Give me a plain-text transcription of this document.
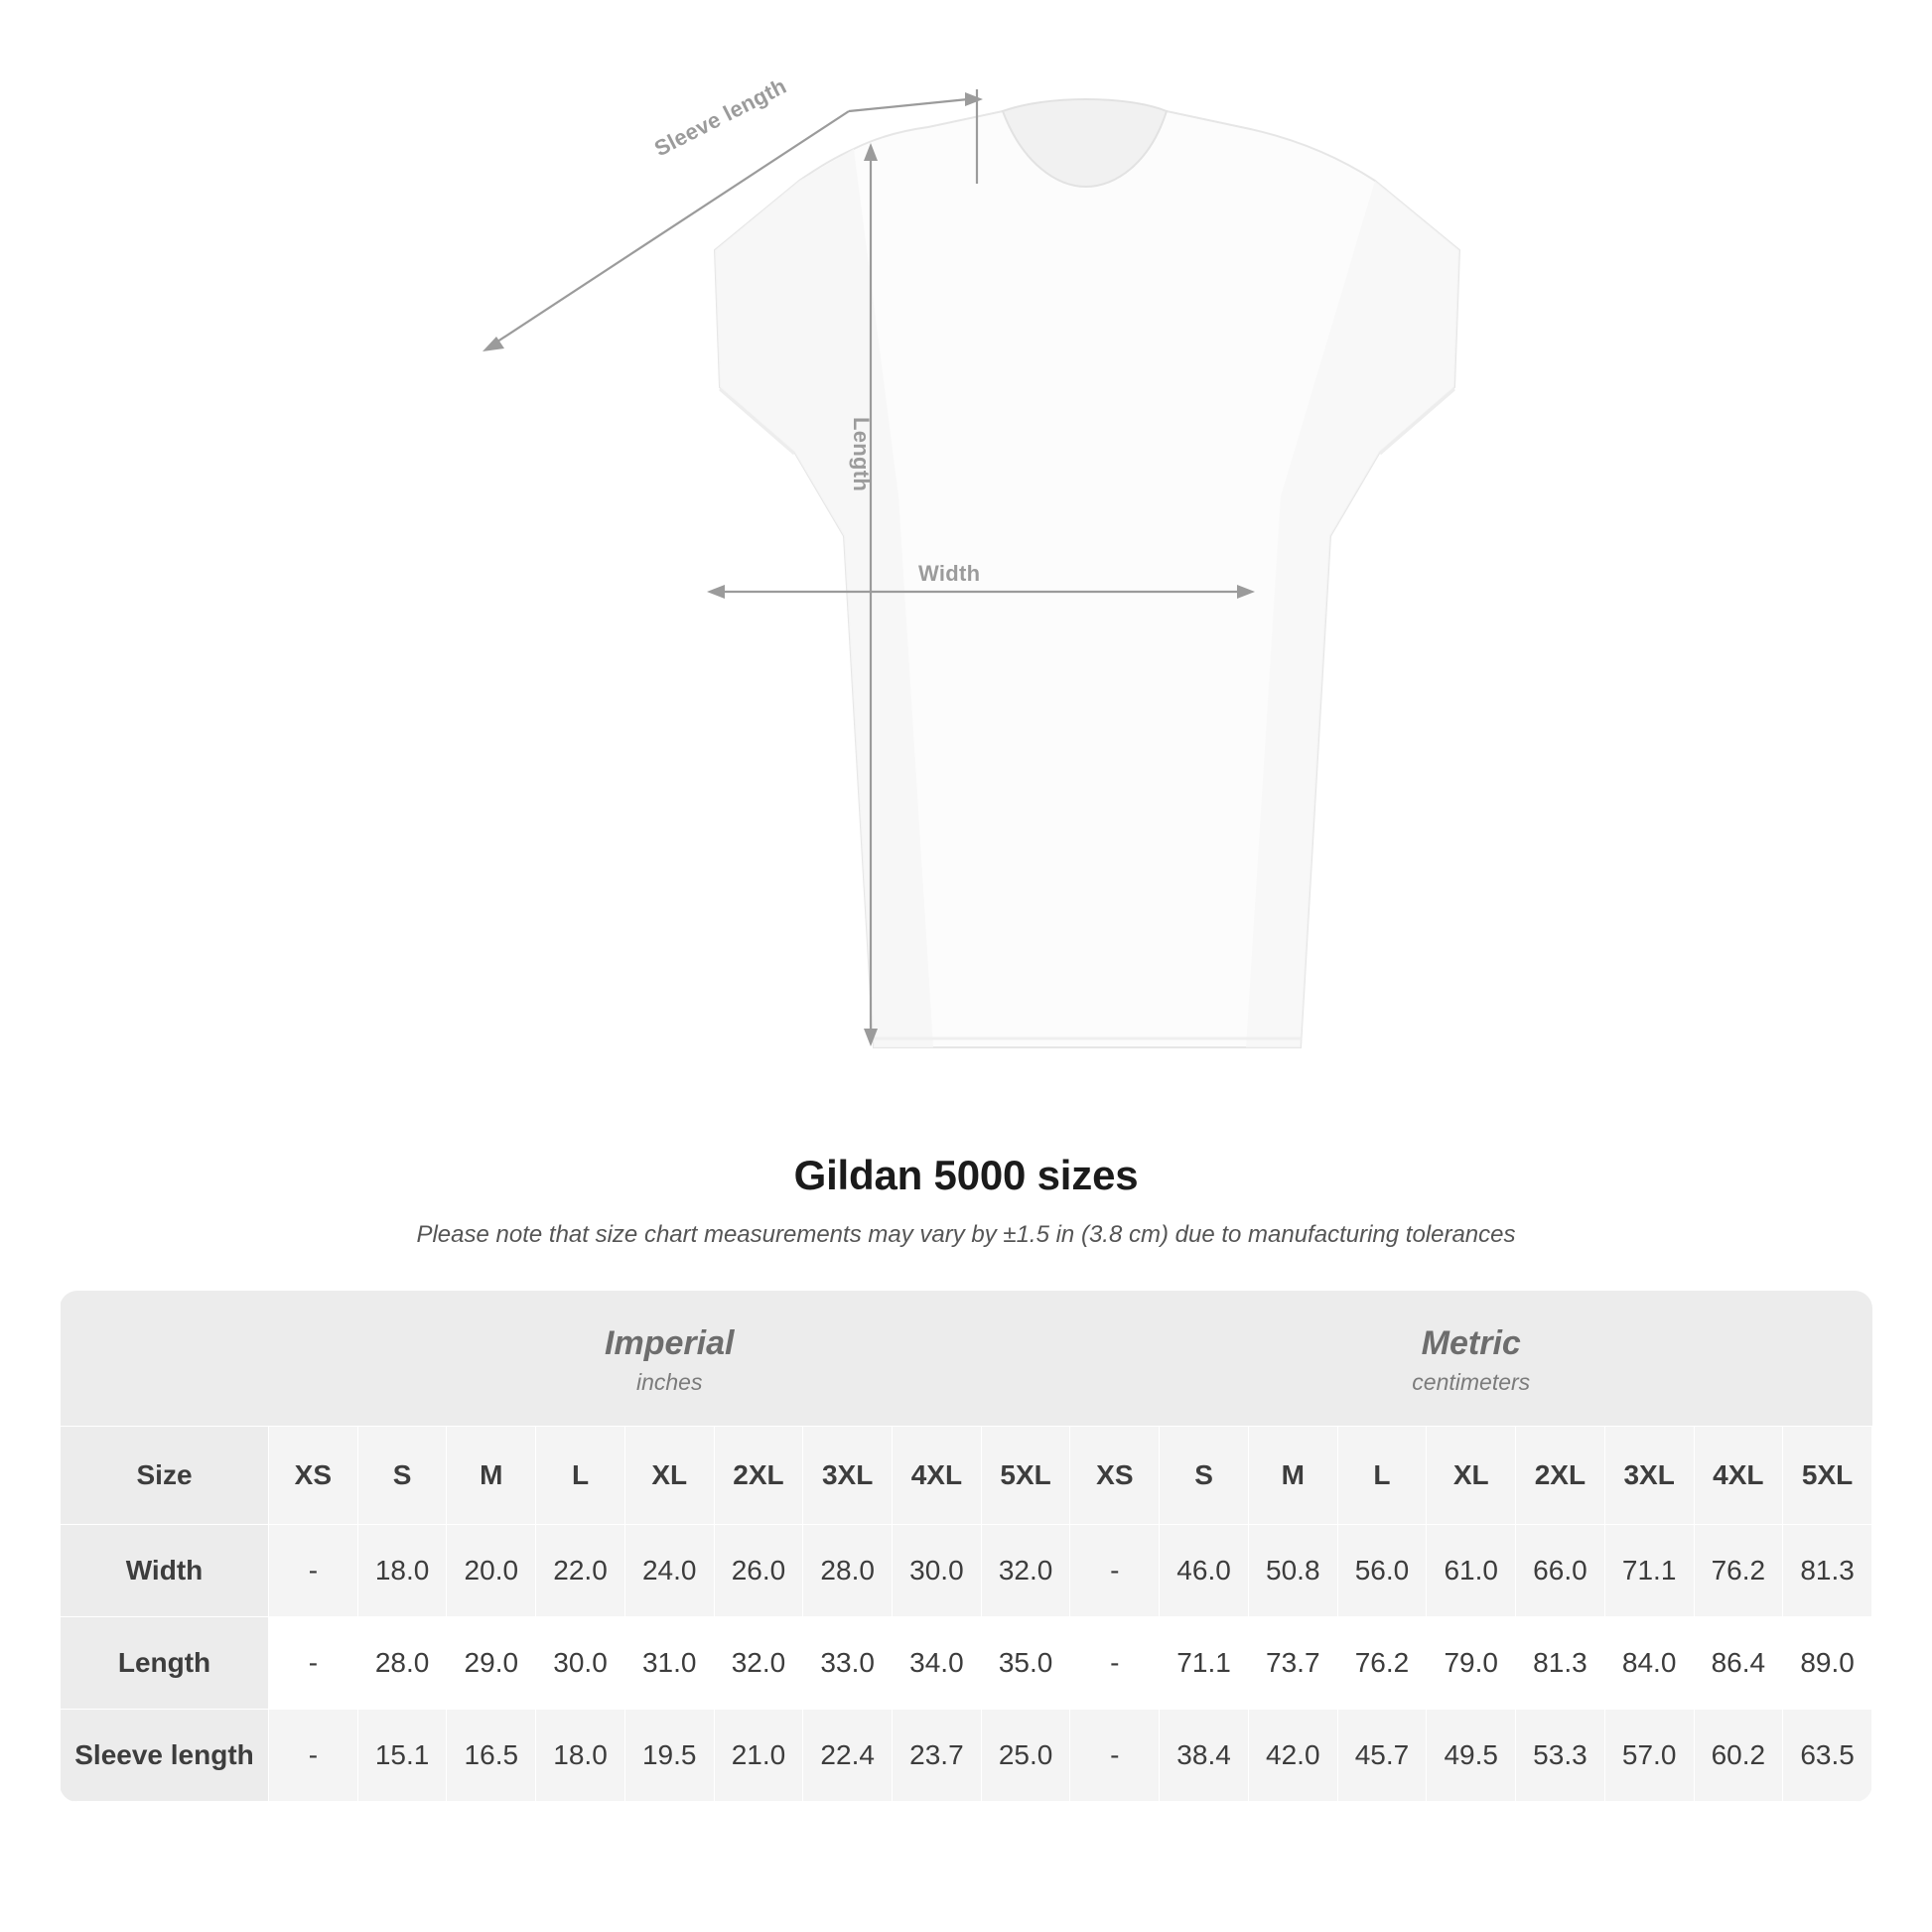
Width
Length
Sleeve length
Gildan 5000 sizes

Please note that size chart measurements may vary by ±1.5 in (3.8 cm) due to manufacturing tolerances

Imperial
inches

Metric
centimeters

Size	XS	S	M	L	XL	2XL	3XL	4XL	5XL	XS	S	M	L	XL	2XL	3XL	4XL	5XL
Width	-	18.0	20.0	22.0	24.0	26.0	28.0	30.0	32.0	-	46.0	50.8	56.0	61.0	66.0	71.1	76.2	81.3
Length	-	28.0	29.0	30.0	31.0	32.0	33.0	34.0	35.0	-	71.1	73.7	76.2	79.0	81.3	84.0	86.4	89.0
Sleeve length	-	15.1	16.5	18.0	19.5	21.0	22.4	23.7	25.0	-	38.4	42.0	45.7	49.5	53.3	57.0	60.2	63.5
